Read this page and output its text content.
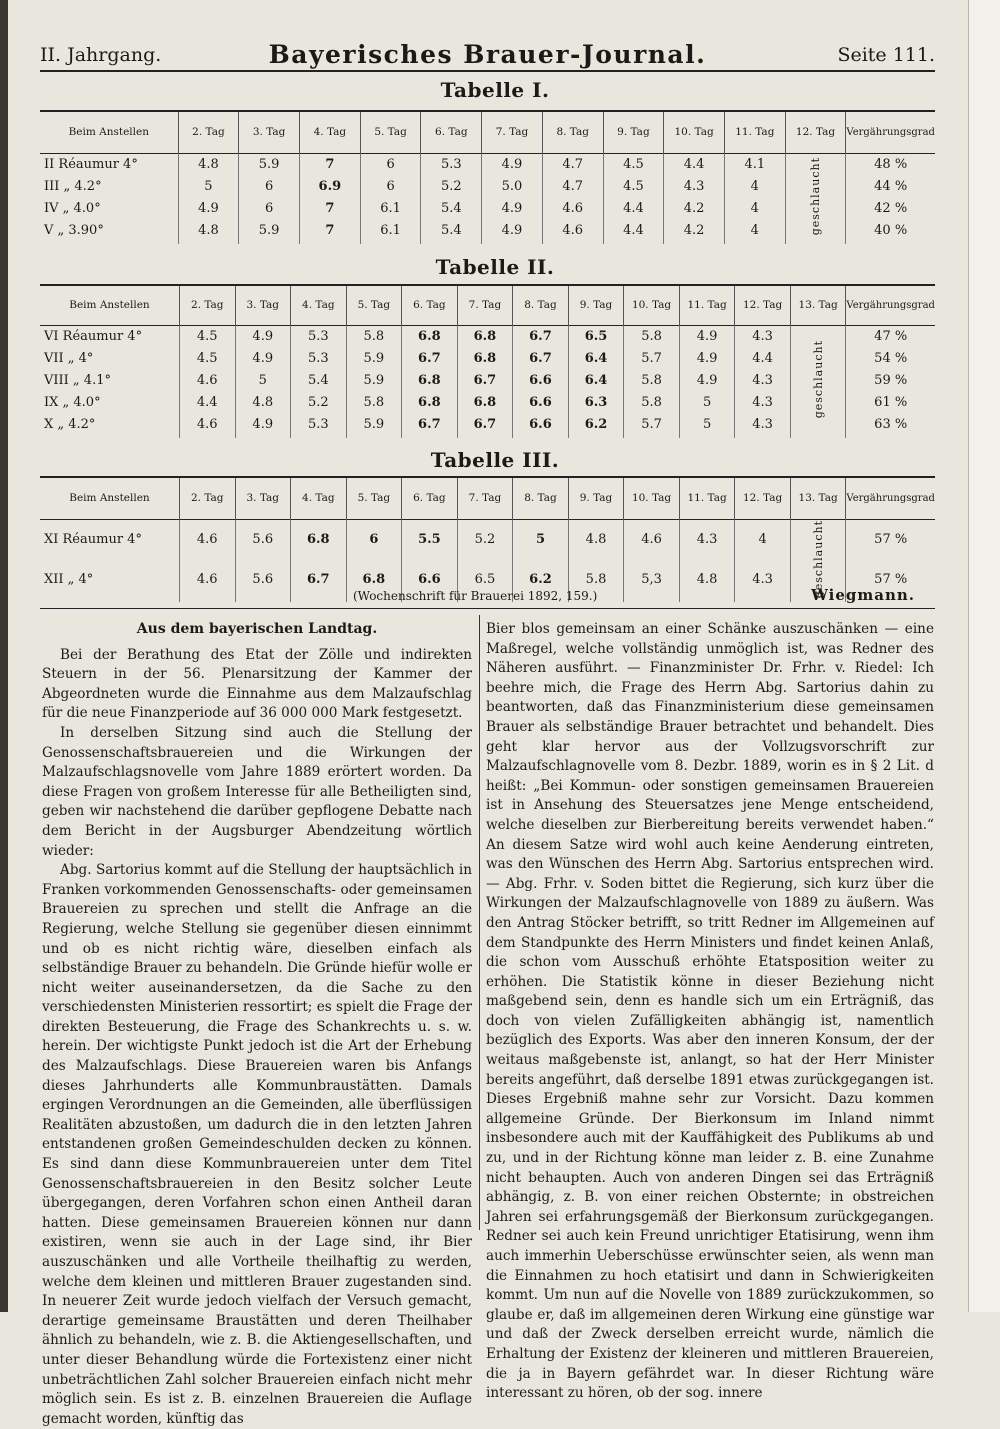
II. Jahrgang.	Bayerisches Brauer-Journal.	Seite 111.
Tabelle I.
Beim Anstellen	2. Tag	3. Tag	4. Tag	5. Tag	6. Tag	7. Tag	8. Tag	9. Tag	10. Tag	11. Tag	12. Tag	Vergährungsgrad
II Réaumur 4°	4.8	5.9	7	6	5.3	4.9	4.7	4.5	4.4	4.1	geschlaucht	48 %
III „ 4.2°	5	6	6.9	6	5.2	5.0	4.7	4.5	4.3	4		44 %
IV „ 4.0°	4.9	6	7	6.1	5.4	4.9	4.6	4.4	4.2	4		42 %
V „ 3.90°	4.8	5.9	7	6.1	5.4	4.9	4.6	4.4	4.2	4		40 %
Tabelle II.
Beim Anstellen	2. Tag	3. Tag	4. Tag	5. Tag	6. Tag	7. Tag	8. Tag	9. Tag	10. Tag	11. Tag	12. Tag	13. Tag	Vergährungsgrad
VI Réaumur 4°	4.5	4.9	5.3	5.8	6.8	6.8	6.7	6.5	5.8	4.9	4.3	geschlaucht	47 %
VII „ 4°	4.5	4.9	5.3	5.9	6.7	6.8	6.7	6.4	5.7	4.9	4.4		54 %
VIII „ 4.1°	4.6	5	5.4	5.9	6.8	6.7	6.6	6.4	5.8	4.9	4.3		59 %
IX „ 4.0°	4.4	4.8	5.2	5.8	6.8	6.8	6.6	6.3	5.8	5	4.3		61 %
X „ 4.2°	4.6	4.9	5.3	5.9	6.7	6.7	6.6	6.2	5.7	5	4.3		63 %
Tabelle III.
Beim Anstellen	2. Tag	3. Tag	4. Tag	5. Tag	6. Tag	7. Tag	8. Tag	9. Tag	10. Tag	11. Tag	12. Tag	13. Tag	Vergährungsgrad
XI Réaumur 4°	4.6	5.6	6.8	6	5.5	5.2	5	4.8	4.6	4.3	4	geschlaucht	57 %
XII „ 4°	4.6	5.6	6.7	6.8	6.6	6.5	6.2	5.8	5,3	4.8	4.3		57 %
(Wochenschrift für Brauerei 1892, 159.)	Wiegmann.
Aus dem bayerischen Landtag.

Bei der Berathung des Etat der Zölle und indirekten Steuern in der 56. Plenarsitzung der Kammer der Abgeordneten wurde die Einnahme aus dem Malzaufschlag für die neue Finanzperiode auf 36 000 000 Mark festgesetzt.

In derselben Sitzung sind auch die Stellung der Genossenschaftsbrauereien und die Wirkungen der Malzaufschlagsnovelle vom Jahre 1889 erörtert worden. Da diese Fragen von großem Interesse für alle Betheiligten sind, geben wir nachstehend die darüber gepflogene Debatte nach dem Bericht in der Augsburger Abendzeitung wörtlich wieder:

Abg. Sartorius kommt auf die Stellung der hauptsächlich in Franken vorkommenden Genossenschafts- oder gemeinsamen Brauereien zu sprechen und stellt die Anfrage an die Regierung, welche Stellung sie gegenüber diesen einnimmt und ob es nicht richtig wäre, dieselben einfach als selbständige Brauer zu behandeln. Die Gründe hiefür wolle er nicht weiter auseinandersetzen, da die Sache zu den verschiedensten Ministerien ressortirt; es spielt die Frage der direkten Besteuerung, die Frage des Schankrechts u. s. w. herein. Der wichtigste Punkt jedoch ist die Art der Erhebung des Malzaufschlags. Diese Brauereien waren bis Anfangs dieses Jahrhunderts alle Kommunbraustätten. Damals ergingen Verordnungen an die Gemeinden, alle überflüssigen Realitäten abzustoßen, um dadurch die in den letzten Jahren entstandenen großen Gemeindeschulden decken zu können. Es sind dann diese Kommunbrauereien unter dem Titel Genossenschaftsbrauereien in den Besitz solcher Leute übergegangen, deren Vorfahren schon einen Antheil daran hatten. Diese gemeinsamen Brauereien können nur dann existiren, wenn sie auch in der Lage sind, ihr Bier auszuschänken und alle Vortheile theilhaftig zu werden, welche dem kleinen und mittleren Brauer zugestanden sind. In neuerer Zeit wurde jedoch vielfach der Versuch gemacht, derartige gemeinsame Braustätten und deren Theilhaber ähnlich zu behandeln, wie z. B. die Aktiengesellschaften, und unter dieser Behandlung würde die Fortexistenz einer nicht unbeträchtlichen Zahl solcher Brauereien einfach nicht mehr möglich sein. Es ist z. B. einzelnen Brauereien die Auflage gemacht worden, künftig das

Bier blos gemeinsam an einer Schänke auszuschänken — eine Maßregel, welche vollständig unmöglich ist, was Redner des Näheren ausführt. — Finanzminister Dr. Frhr. v. Riedel: Ich beehre mich, die Frage des Herrn Abg. Sartorius dahin zu beantworten, daß das Finanzministerium diese gemeinsamen Brauer als selbständige Brauer betrachtet und behandelt. Dies geht klar hervor aus der Vollzugsvorschrift zur Malzaufschlagnovelle vom 8. Dezbr. 1889, worin es in § 2 Lit. d heißt: „Bei Kommun- oder sonstigen gemeinsamen Brauereien ist in Ansehung des Steuersatzes jene Menge entscheidend, welche dieselben zur Bierbereitung bereits verwendet haben.“ An diesem Satze wird wohl auch keine Aenderung eintreten, was den Wünschen des Herrn Abg. Sartorius entsprechen wird. — Abg. Frhr. v. Soden bittet die Regierung, sich kurz über die Wirkungen der Malzaufschlagnovelle von 1889 zu äußern. Was den Antrag Stöcker betrifft, so tritt Redner im Allgemeinen auf dem Standpunkte des Herrn Ministers und findet keinen Anlaß, die schon vom Ausschuß erhöhte Etatsposition weiter zu erhöhen. Die Statistik könne in dieser Beziehung nicht maßgebend sein, denn es handle sich um ein Erträgniß, das doch von vielen Zufälligkeiten abhängig ist, namentlich bezüglich des Exports. Was aber den inneren Konsum, der der weitaus maßgebenste ist, anlangt, so hat der Herr Minister bereits angeführt, daß derselbe 1891 etwas zurückgegangen ist. Dieses Ergebniß mahne sehr zur Vorsicht. Dazu kommen allgemeine Gründe. Der Bierkonsum im Inland nimmt insbesondere auch mit der Kauffähigkeit des Publikums ab und zu, und in der Richtung könne man leider z. B. eine Zunahme nicht behaupten. Auch von anderen Dingen sei das Erträgniß abhängig, z. B. von einer reichen Obsternte; in obstreichen Jahren sei erfahrungsgemäß der Bierkonsum zurückgegangen. Redner sei auch kein Freund unrichtiger Etatisirung, wenn ihm auch immerhin Ueberschüsse erwünschter seien, als wenn man die Einnahmen zu hoch etatisirt und dann in Schwierigkeiten kommt. Um nun auf die Novelle von 1889 zurückzukommen, so glaube er, daß im allgemeinen deren Wirkung eine günstige war und daß der Zweck derselben erreicht wurde, nämlich die Erhaltung der Existenz der kleineren und mittleren Brauereien, die ja in Bayern gefährdet war. In dieser Richtung wäre interessant zu hören, ob der sog. innere
